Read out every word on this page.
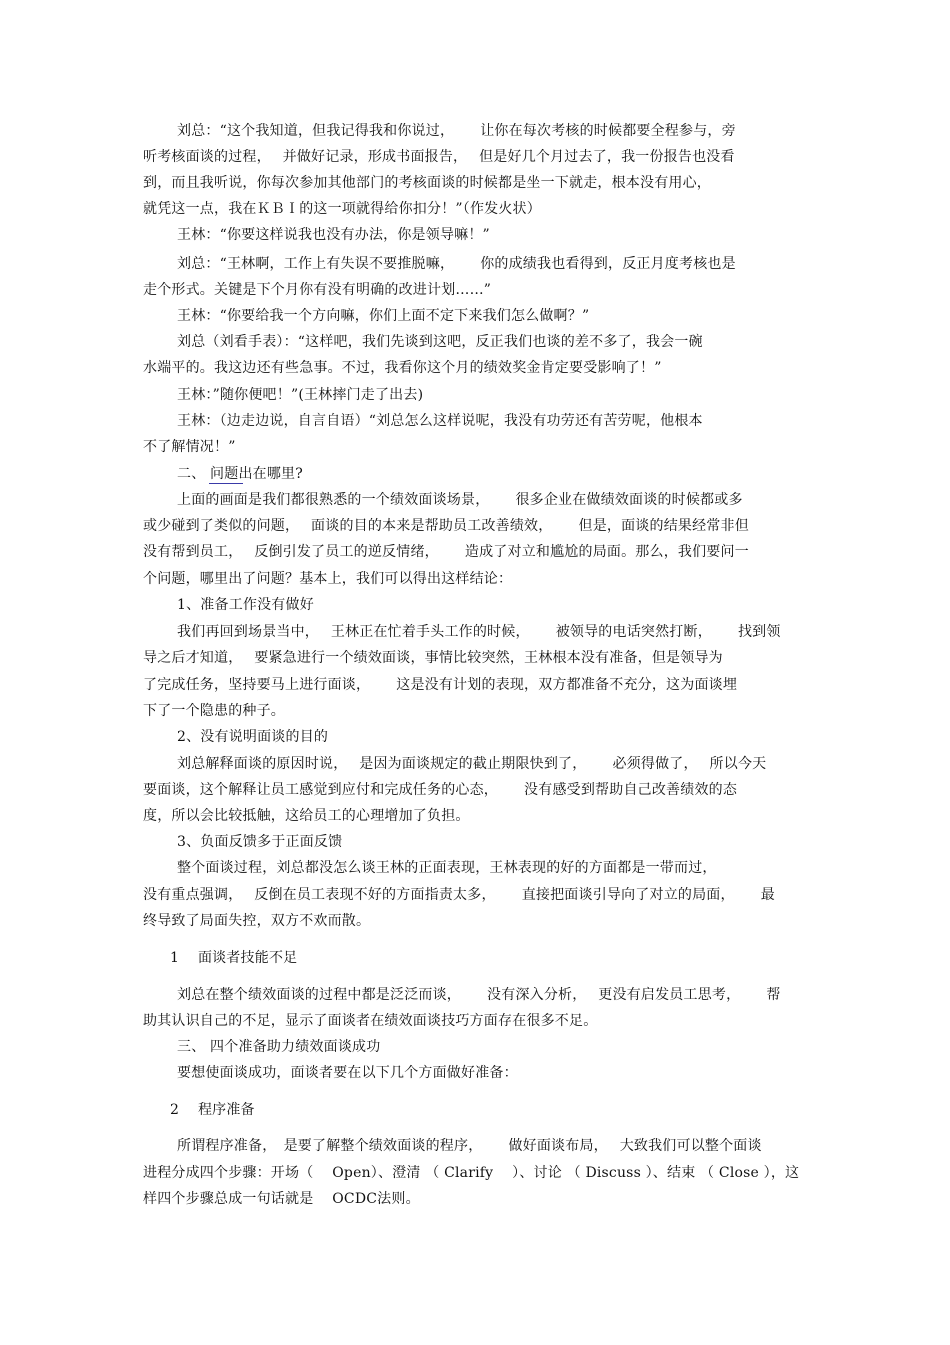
刘总：“这个我知道，但我记得我和你说过，　　 让你在每次考核的时候都要全程参与，旁
听考核面谈的过程，　 并做好记录，形成书面报告，　 但是好几个月过去了，我一份报告也没看
到，而且我听说，你每次参加其他部门的考核面谈的时候都是坐一下就走，根本没有用心，
就凭这一点，我在ＫＢＩ的这一项就得给你扣分！”（作发火状）
王林：“你要这样说我也没有办法，你是领导嘛！”
刘总：“王林啊，工作上有失误不要推脱嘛，　　 你的成绩我也看得到，反正月度考核也是
走个形式。关键是下个月你有没有明确的改进计划……”
王林：“你要给我一个方向嘛，你们上面不定下来我们怎么做啊？”
刘总（刘看手表）：“这样吧，我们先谈到这吧，反正我们也谈的差不多了，我会一碗
水端平的。我这边还有些急事。不过，我看你这个月的绩效奖金肯定要受影响了！”
王林：”随你便吧！”(王林摔门走了出去)
王林：（边走边说，自言自语）“刘总怎么这样说呢，我没有功劳还有苦劳呢，他根本
不了解情况！”
二、 问题出在哪里?
上面的画面是我们都很熟悉的一个绩效面谈场景，　　 很多企业在做绩效面谈的时候都或多
或少碰到了类似的问题，　 面谈的目的本来是帮助员工改善绩效，　　 但是，面谈的结果经常非但
没有帮到员工，　 反倒引发了员工的逆反情绪，　　 造成了对立和尴尬的局面。那么，我们要问一
个问题，哪里出了问题？基本上，我们可以得出这样结论：
1、准备工作没有做好
我们再回到场景当中，　 王林正在忙着手头工作的时候，　　 被领导的电话突然打断，　　 找到领
导之后才知道，　 要紧急进行一个绩效面谈，事情比较突然，王林根本没有准备，但是领导为
了完成任务，坚持要马上进行面谈，　　 这是没有计划的表现，双方都准备不充分，这为面谈埋
下了一个隐患的种子。
2、没有说明面谈的目的
刘总解释面谈的原因时说，　 是因为面谈规定的截止期限快到了，　　 必须得做了，　 所以今天
要面谈，这个解释让员工感觉到应付和完成任务的心态，　　 没有感受到帮助自己改善绩效的态
度，所以会比较抵触，这给员工的心理增加了负担。
3、负面反馈多于正面反馈
整个面谈过程，刘总都没怎么谈王林的正面表现，王林表现的好的方面都是一带而过，
没有重点强调，　 反倒在员工表现不好的方面指责太多，　　 直接把面谈引导向了对立的局面，　　 最
终导致了局面失控，双方不欢而散。
1　 面谈者技能不足
刘总在整个绩效面谈的过程中都是泛泛而谈，　　 没有深入分析，　 更没有启发员工思考，　　 帮
助其认识自己的不足，显示了面谈者在绩效面谈技巧方面存在很多不足。
三、 四个准备助力绩效面谈成功
要想使面谈成功，面谈者要在以下几个方面做好准备：
2　 程序准备
所谓程序准备，　是要了解整个绩效面谈的程序，　　 做好面谈布局，　 大致我们可以整个面谈
进程分成四个步骤：开场（　 Open）、澄清 （ Clarify　 ）、讨论 （ Discuss ）、结束 （ Close ），这
样四个步骤总成一句话就是　 OCDC法则。
